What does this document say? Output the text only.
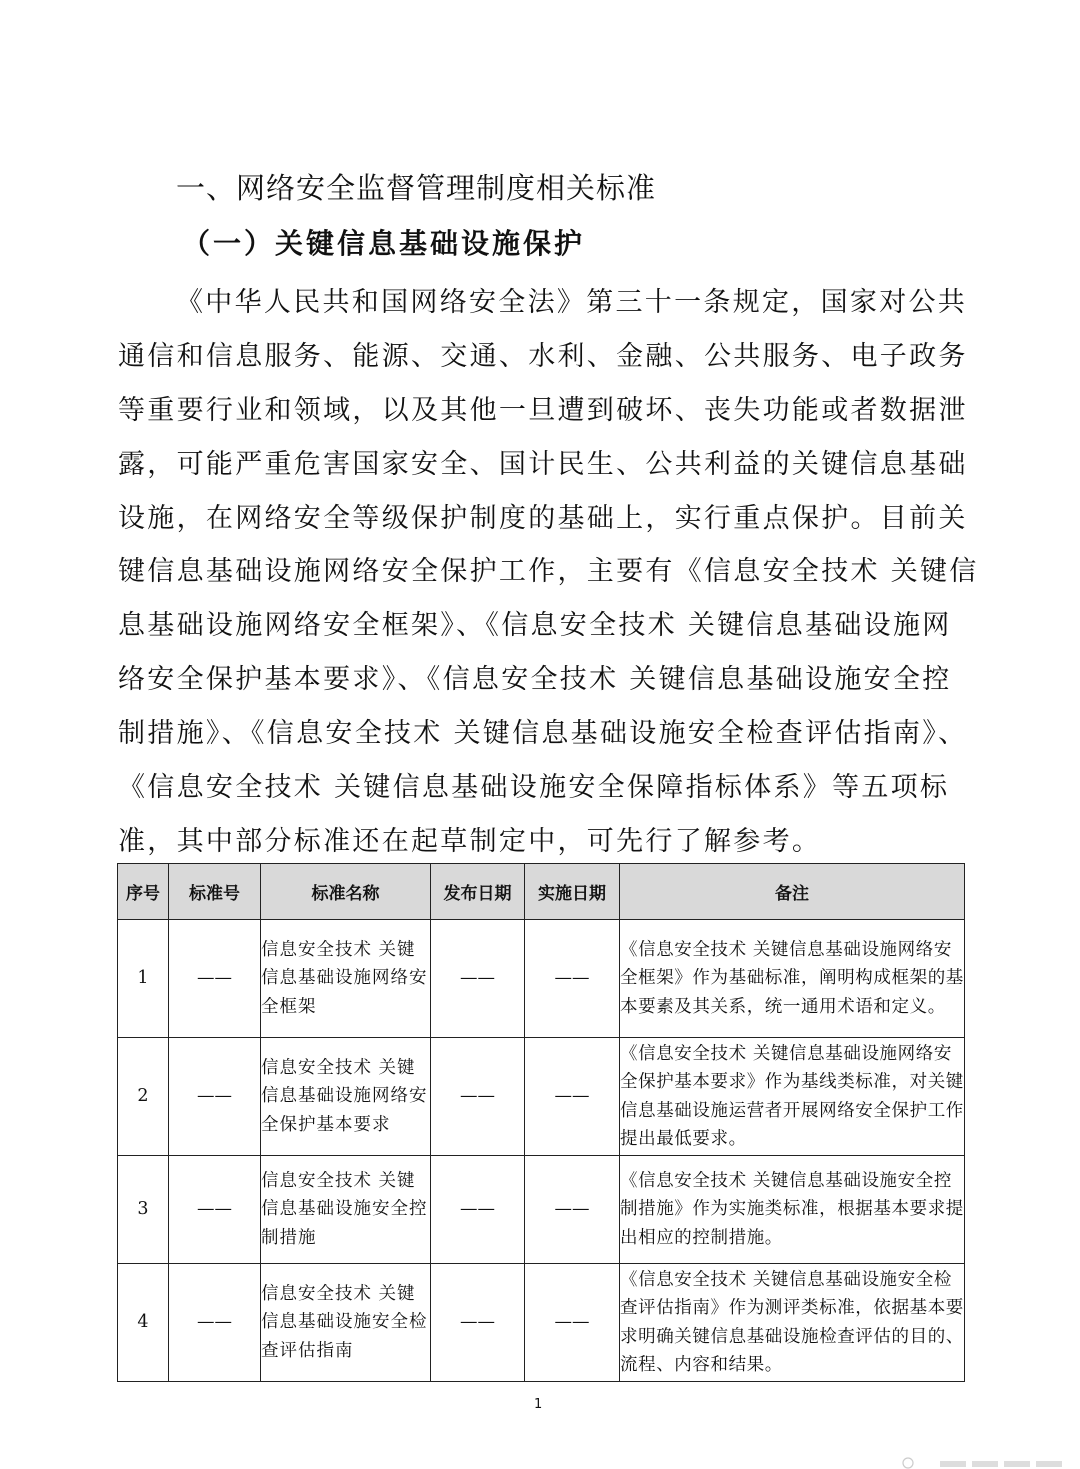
一、网络安全监督管理制度相关标准
（一）关键信息基础设施保护
《中华人民共和国网络安全法》第三十一条规定，国家对公共
通信和信息服务、能源、交通、水利、金融、公共服务、电子政务
等重要行业和领域，以及其他一旦遭到破坏、丧失功能或者数据泄
露，可能严重危害国家安全、国计民生、公共利益的关键信息基础
设施，在网络安全等级保护制度的基础上，实行重点保护。目前关
键信息基础设施网络安全保护工作，主要有《信息安全技术 关键信
息基础设施网络安全框架》、《信息安全技术 关键信息基础设施网
络安全保护基本要求》、《信息安全技术 关键信息基础设施安全控
制措施》、《信息安全技术 关键信息基础设施安全检查评估指南》、
《信息安全技术 关键信息基础设施安全保障指标体系》等五项标
准，其中部分标准还在起草制定中，可先行了解参考。
序号	标准号	标准名称	发布日期	实施日期	备注
1	——	信息安全技术 关键信息基础设施网络安全框架	——	——	《信息安全技术 关键信息基础设施网络安全框架》作为基础标准，阐明构成框架的基本要素及其关系，统一通用术语和定义。
2	——	信息安全技术 关键信息基础设施网络安全保护基本要求	——	——	《信息安全技术 关键信息基础设施网络安全保护基本要求》作为基线类标准，对关键信息基础设施运营者开展网络安全保护工作提出最低要求。
3	——	信息安全技术 关键信息基础设施安全控制措施	——	——	《信息安全技术 关键信息基础设施安全控制措施》作为实施类标准，根据基本要求提出相应的控制措施。
4	——	信息安全技术 关键信息基础设施安全检查评估指南	——	——	《信息安全技术 关键信息基础设施安全检查评估指南》作为测评类标准，依据基本要求明确关键信息基础设施检查评估的目的、流程、内容和结果。
1
